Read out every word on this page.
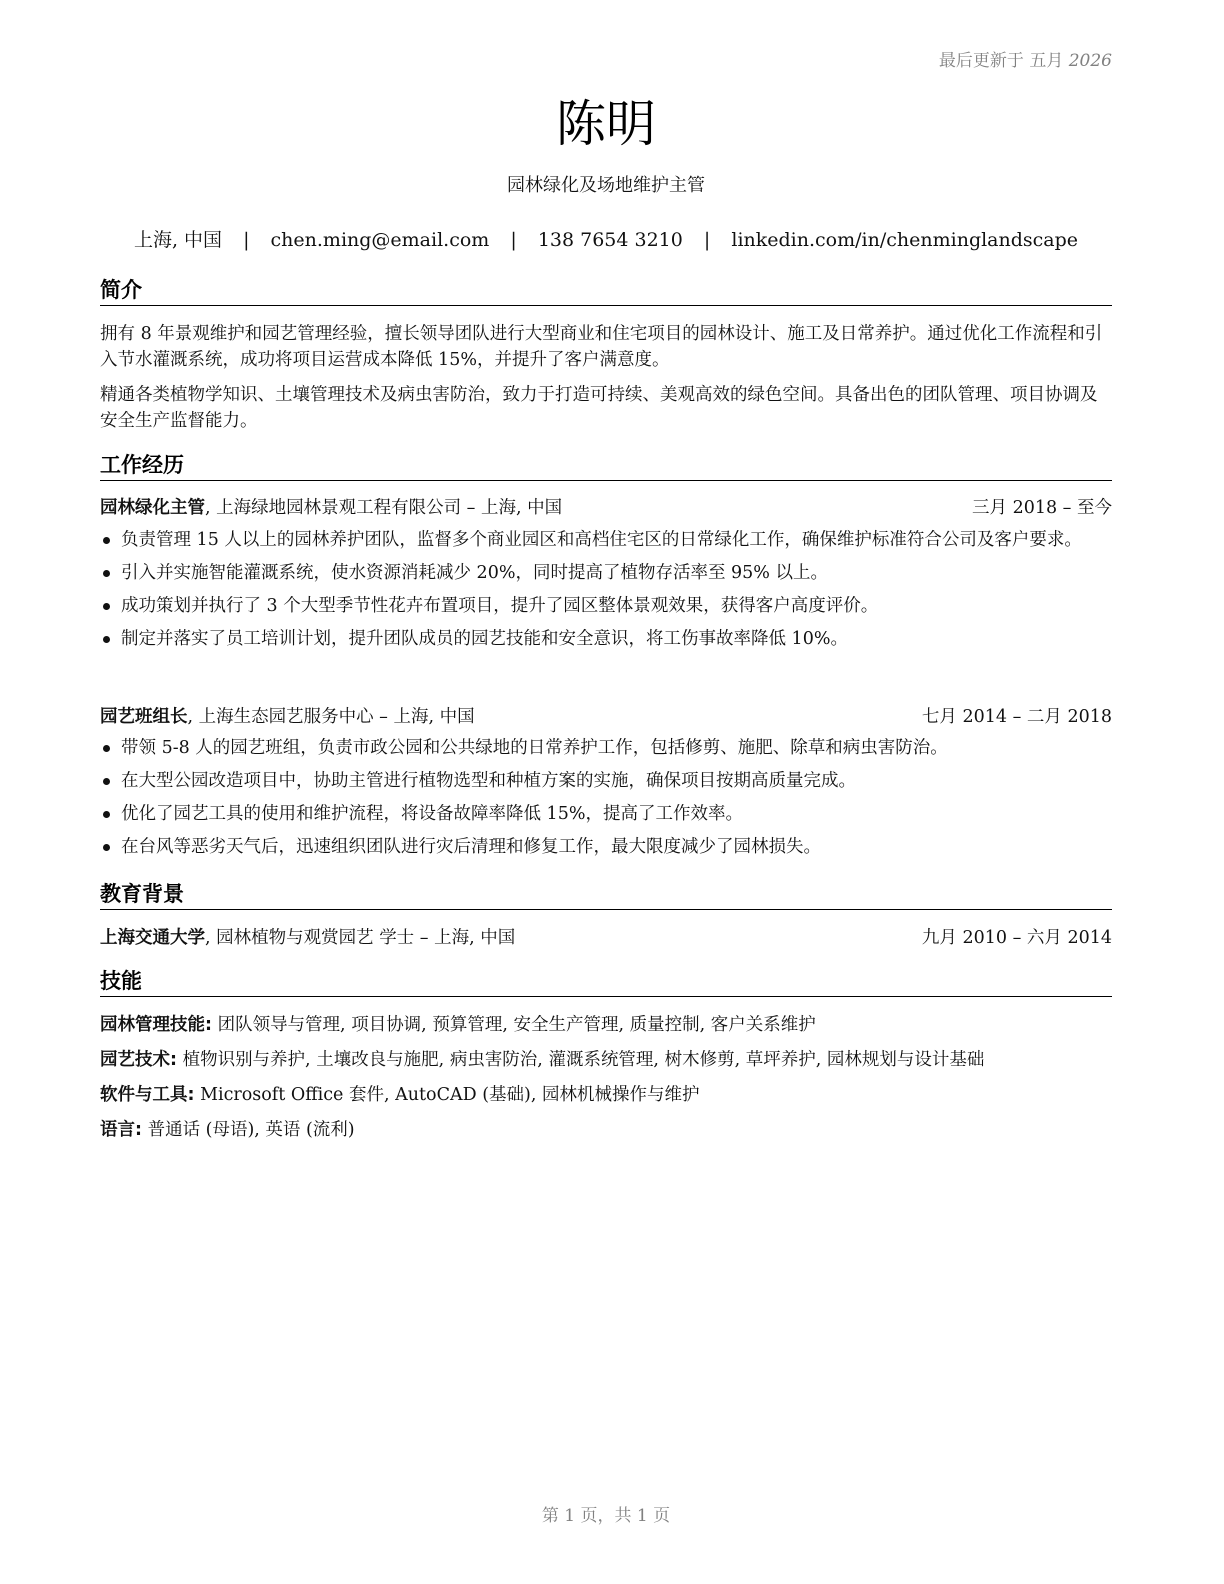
最后更新于 五月 2026
陈明
园林绿化及场地维护主管
上海, 中国 | chen.ming@email.com | 138 7654 3210 | linkedin.com/in/chenminglandscape
简介
拥有 8 年景观维护和园艺管理经验，擅长领导团队进行大型商业和住宅项目的园林设计、施工及日常养护。通过优化工作流程和引入节水灌溉系统，成功将项目运营成本降低 15%，并提升了客户满意度。
精通各类植物学知识、土壤管理技术及病虫害防治，致力于打造可持续、美观高效的绿色空间。具备出色的团队管理、项目协调及安全生产监督能力。
工作经历
园林绿化主管, 上海绿地园林景观工程有限公司 – 上海, 中国	三月 2018 – 至今
负责管理 15 人以上的园林养护团队，监督多个商业园区和高档住宅区的日常绿化工作，确保维护标准符合公司及客户要求。
引入并实施智能灌溉系统，使水资源消耗减少 20%，同时提高了植物存活率至 95% 以上。
成功策划并执行了 3 个大型季节性花卉布置项目，提升了园区整体景观效果，获得客户高度评价。
制定并落实了员工培训计划，提升团队成员的园艺技能和安全意识，将工伤事故率降低 10%。
园艺班组长, 上海生态园艺服务中心 – 上海, 中国	七月 2014 – 二月 2018
带领 5-8 人的园艺班组，负责市政公园和公共绿地的日常养护工作，包括修剪、施肥、除草和病虫害防治。
在大型公园改造项目中，协助主管进行植物选型和种植方案的实施，确保项目按期高质量完成。
优化了园艺工具的使用和维护流程，将设备故障率降低 15%，提高了工作效率。
在台风等恶劣天气后，迅速组织团队进行灾后清理和修复工作，最大限度减少了园林损失。
教育背景
上海交通大学, 园林植物与观赏园艺 学士 – 上海, 中国	九月 2010 – 六月 2014
技能
园林管理技能: 团队领导与管理, 项目协调, 预算管理, 安全生产管理, 质量控制, 客户关系维护
园艺技术: 植物识别与养护, 土壤改良与施肥, 病虫害防治, 灌溉系统管理, 树木修剪, 草坪养护, 园林规划与设计基础
软件与工具: Microsoft Office 套件, AutoCAD (基础), 园林机械操作与维护
语言: 普通话 (母语), 英语 (流利)
第 1 页，共 1 页
